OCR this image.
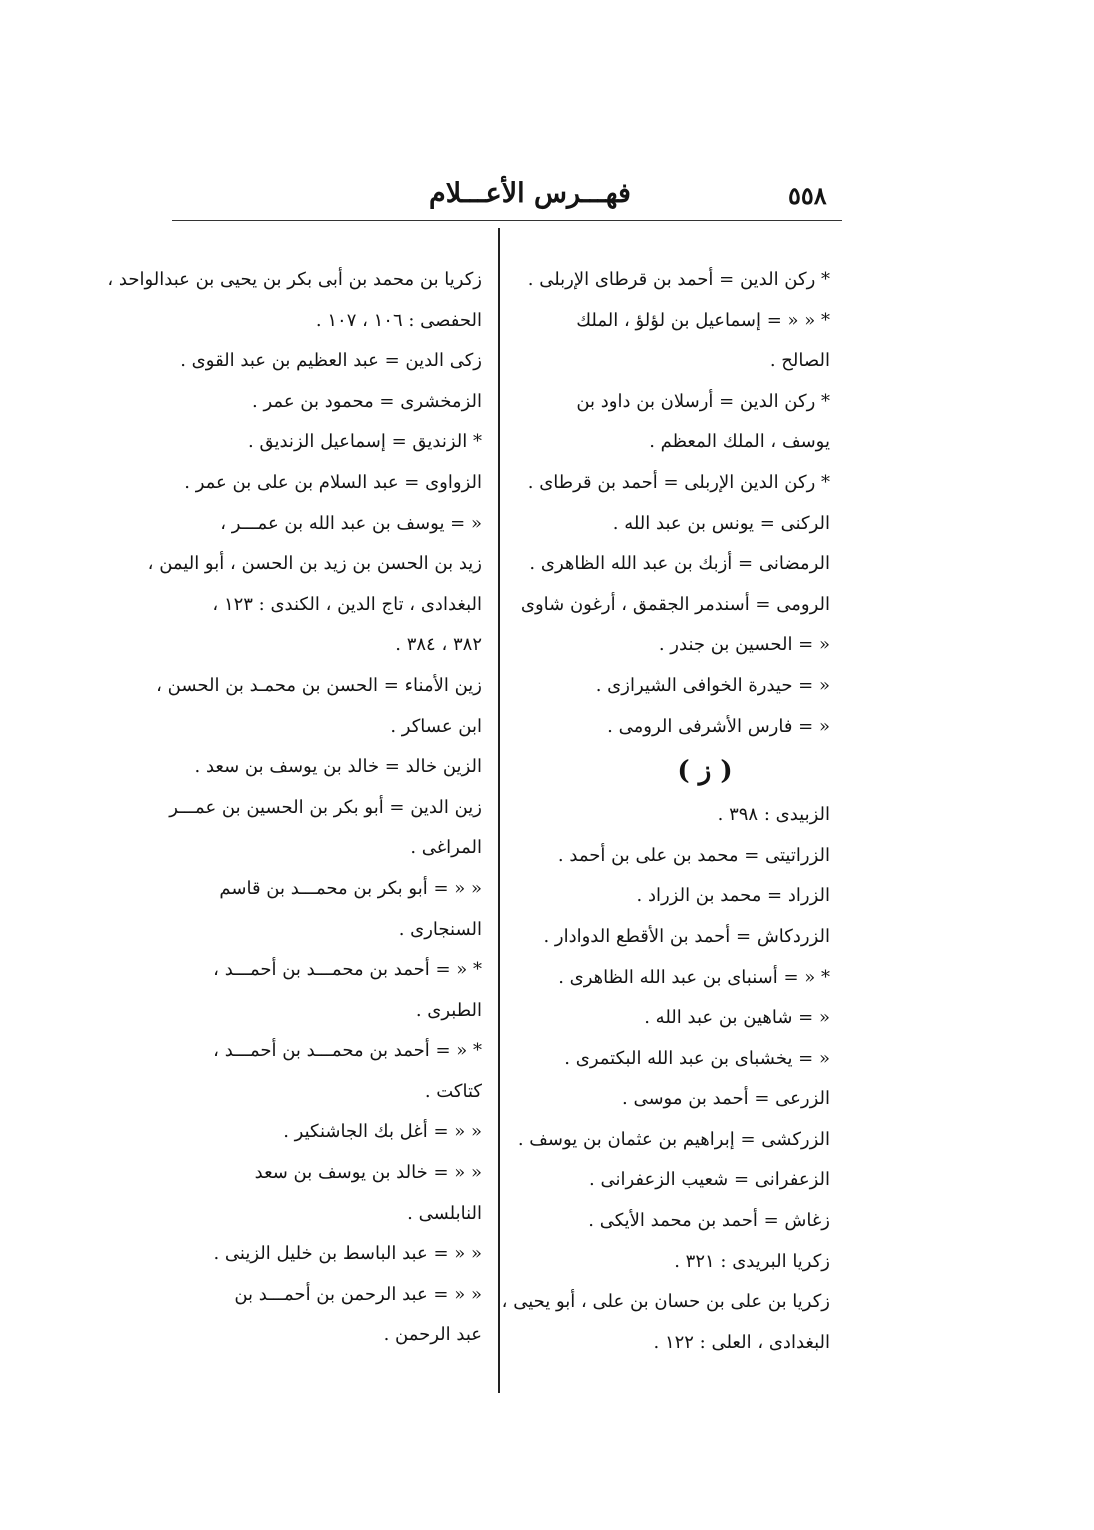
٥٥٨
فهـــرس الأعـــلام
* ركن الدين = أحمد بن قرطاى الإربلى .
* « « = إسماعيل بن لؤلؤ ، الملك
الصالح .
* ركن الدين = أرسلان بن داود بن
يوسف ، الملك المعظم .
* ركن الدين الإربلى = أحمد بن قرطاى .
الركنى = يونس بن عبد الله .
الرمضانى = أزبك بن عبد الله الظاهرى .
الرومى = أسندمر الجقمق ، أرغون شاوى
« = الحسين بن جندر .
« = حيدرة الخوافى الشيرازى .
« = فارس الأشرفى الرومى .
( ز )
الزبيدى : ٣٩٨ .
الزراتيتى = محمد بن على بن أحمد .
الزراد = محمد بن الزراد .
الزردكاش = أحمد بن الأقطع الدوادار .
* « = أسنباى بن عبد الله الظاهرى .
« = شاهين بن عبد الله .
« = يخشباى بن عبد الله البكتمرى .
الزرعى = أحمد بن موسى .
الزركشى = إبراهيم بن عثمان بن يوسف .
الزعفرانى = شعيب الزعفرانى .
زغاش = أحمد بن محمد الأيكى .
زكريا البريدى : ٣٢١ .
زكريا بن على بن حسان بن على ، أبو يحيى ،
البغدادى ، العلى : ١٢٢ .
زكريا بن محمد بن أبى بكر بن يحيى بن عبدالواحد ،
الحفصى : ١٠٦ ، ١٠٧ .
زكى الدين = عبد العظيم بن عبد القوى .
الزمخشرى = محمود بن عمر .
* الزنديق = إسماعيل الزنديق .
الزواوى = عبد السلام بن على بن عمر .
« = يوسف بن عبد الله بن عمـــر ،
زيد بن الحسن بن زيد بن الحسن ، أبو اليمن ،
البغدادى ، تاج الدين ، الكندى : ١٢٣ ،
٣٨٢ ، ٣٨٤ .
زين الأمناء = الحسن بن محمـد بن الحسن ،
ابن عساكر .
الزين خالد = خالد بن يوسف بن سعد .
زين الدين = أبو بكر بن الحسين بن عمـــر
المراغى .
« « = أبو بكر بن محمـــد بن قاسم
السنجارى .
* « = أحمد بن محمـــد بن أحمـــد ،
الطبرى .
* « = أحمد بن محمـــد بن أحمـــد ،
كتاكت .
« « = أغل بك الجاشنكير .
« « = خالد بن يوسف بن سعد
النابلسى .
« « = عبد الباسط بن خليل الزينى .
« « = عبد الرحمن بن أحمـــد بن
عبد الرحمن .
